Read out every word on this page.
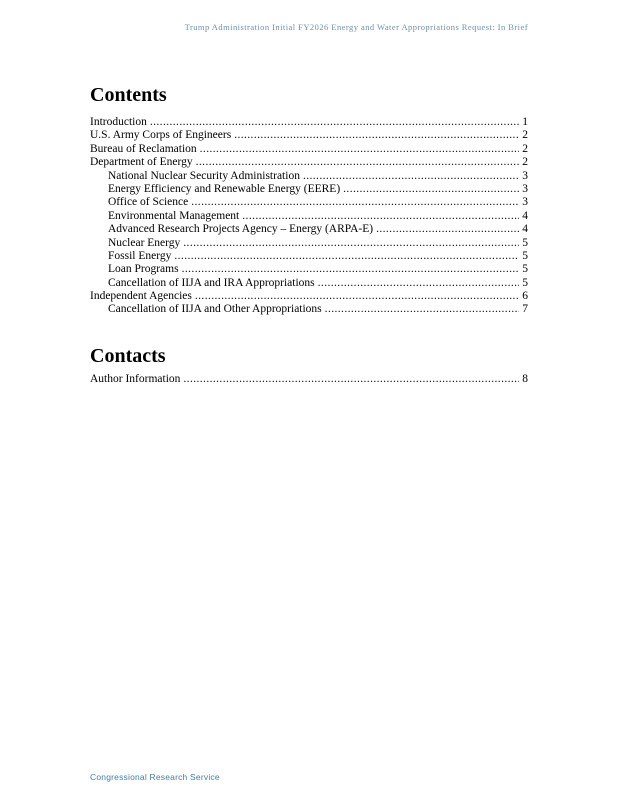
Trump Administration Initial FY2026 Energy and Water Appropriations Request: In Brief
Contents
Introduction .....	1
U.S. Army Corps of Engineers .....	2
Bureau of Reclamation .....	2
Department of Energy .....	2
National Nuclear Security Administration .....	3
Energy Efficiency and Renewable Energy (EERE) .....	3
Office of Science .....	3
Environmental Management .....	4
Advanced Research Projects Agency – Energy (ARPA-E) .....	4
Nuclear Energy .....	5
Fossil Energy .....	5
Loan Programs .....	5
Cancellation of IIJA and IRA Appropriations .....	5
Independent Agencies .....	6
Cancellation of IIJA and Other Appropriations .....	7
Contacts
Author Information .....	8
Congressional Research Service
